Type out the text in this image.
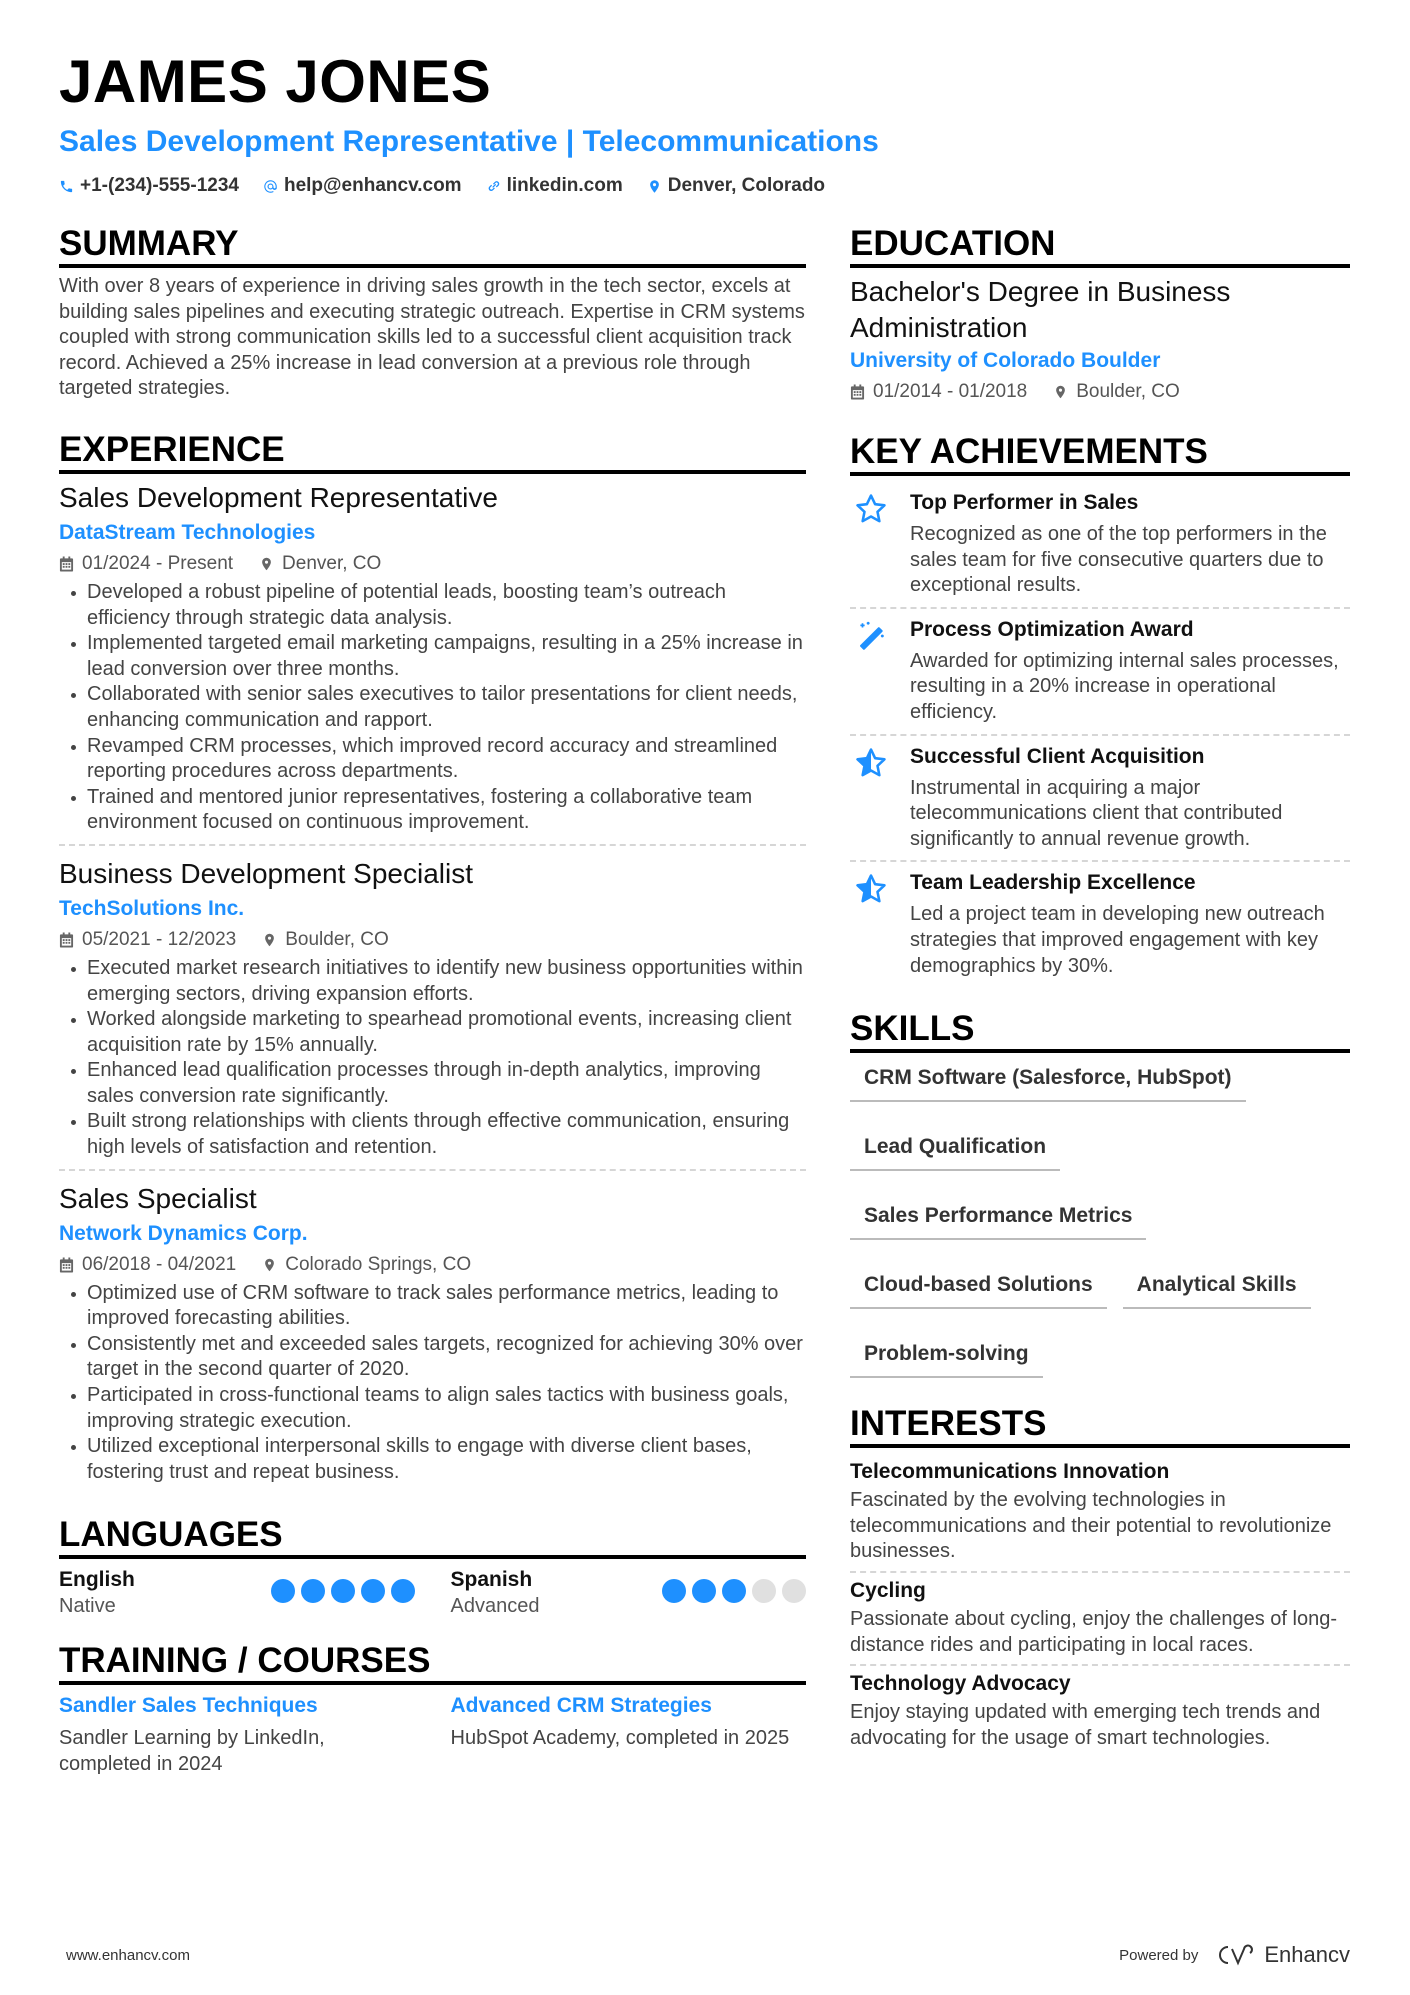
JAMES JONES
Sales Development Representative | Telecommunications
+1-(234)-555-1234 help@enhancv.com linkedin.com Denver, Colorado
SUMMARY
With over 8 years of experience in driving sales growth in the tech sector, excels at building sales pipelines and executing strategic outreach. Expertise in CRM systems coupled with strong communication skills led to a successful client acquisition track record. Achieved a 25% increase in lead conversion at a previous role through targeted strategies.
EXPERIENCE
Sales Development Representative
DataStream Technologies
01/2024 - Present	Denver, CO
Developed a robust pipeline of potential leads, boosting team’s outreach efficiency through strategic data analysis.
Implemented targeted email marketing campaigns, resulting in a 25% increase in lead conversion over three months.
Collaborated with senior sales executives to tailor presentations for client needs, enhancing communication and rapport.
Revamped CRM processes, which improved record accuracy and streamlined reporting procedures across departments.
Trained and mentored junior representatives, fostering a collaborative team environment focused on continuous improvement.
Business Development Specialist
TechSolutions Inc.
05/2021 - 12/2023	Boulder, CO
Executed market research initiatives to identify new business opportunities within emerging sectors, driving expansion efforts.
Worked alongside marketing to spearhead promotional events, increasing client acquisition rate by 15% annually.
Enhanced lead qualification processes through in-depth analytics, improving sales conversion rate significantly.
Built strong relationships with clients through effective communication, ensuring high levels of satisfaction and retention.
Sales Specialist
Network Dynamics Corp.
06/2018 - 04/2021	Colorado Springs, CO
Optimized use of CRM software to track sales performance metrics, leading to improved forecasting abilities.
Consistently met and exceeded sales targets, recognized for achieving 30% over target in the second quarter of 2020.
Participated in cross-functional teams to align sales tactics with business goals, improving strategic execution.
Utilized exceptional interpersonal skills to engage with diverse client bases, fostering trust and repeat business.
LANGUAGES
English
Native
Spanish
Advanced
TRAINING / COURSES
Sandler Sales Techniques
Sandler Learning by LinkedIn, completed in 2024
Advanced CRM Strategies
HubSpot Academy, completed in 2025
EDUCATION
Bachelor's Degree in Business Administration
University of Colorado Boulder
01/2014 - 01/2018	Boulder, CO
KEY ACHIEVEMENTS
Top Performer in Sales
Recognized as one of the top performers in the sales team for five consecutive quarters due to exceptional results.
Process Optimization Award
Awarded for optimizing internal sales processes, resulting in a 20% increase in operational efficiency.
Successful Client Acquisition
Instrumental in acquiring a major telecommunications client that contributed significantly to annual revenue growth.
Team Leadership Excellence
Led a project team in developing new outreach strategies that improved engagement with key demographics by 30%.
SKILLS
CRM Software (Salesforce, HubSpot)
Lead Qualification
Sales Performance Metrics
Cloud-based Solutions	Analytical Skills
Problem-solving
INTERESTS
Telecommunications Innovation
Fascinated by the evolving technologies in telecommunications and their potential to revolutionize businesses.
Cycling
Passionate about cycling, enjoy the challenges of long-distance rides and participating in local races.
Technology Advocacy
Enjoy staying updated with emerging tech trends and advocating for the usage of smart technologies.
www.enhancv.com	Powered by	Enhancv
